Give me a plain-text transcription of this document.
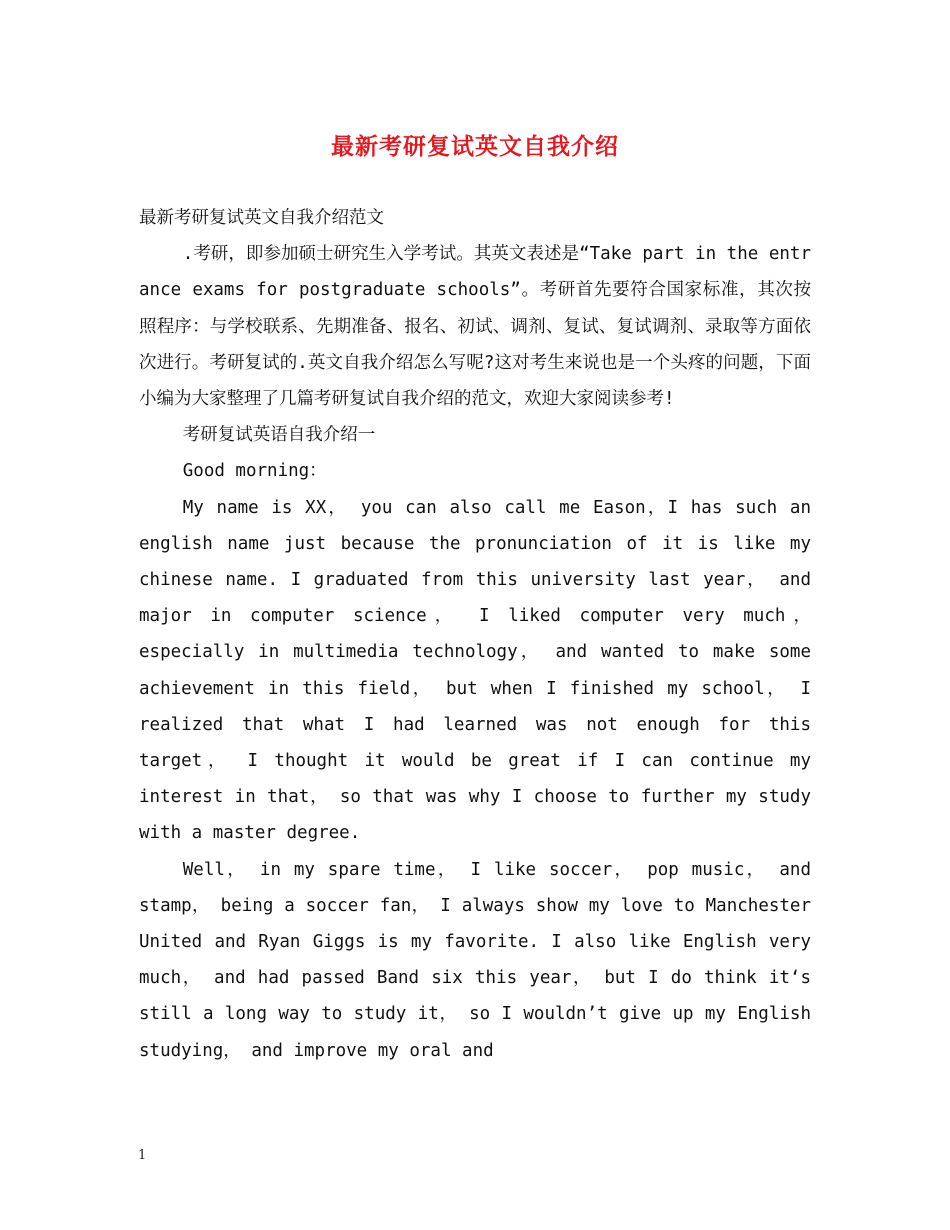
最新考研复试英文自我介绍

最新考研复试英文自我介绍范文

.考研，即参加硕士研究生入学考试。其英文表述是“Take part in the entrance exams for postgraduate schools”。考研首先要符合国家标准，其次按照程序：与学校联系、先期准备、报名、初试、调剂、复试、复试调剂、录取等方面依次进行。考研复试的.英文自我介绍怎么写呢?这对考生来说也是一个头疼的问题，下面小编为大家整理了几篇考研复试自我介绍的范文，欢迎大家阅读参考!

考研复试英语自我介绍一

Good morning：

My name is XX， you can also call me Eason，I has such an english name just because the pronunciation of it is like my chinese name. I graduated from this university last year， and major in computer science， I liked computer very much， especially in multimedia technology， and wanted to make some achievement in this field， but when I finished my school， I realized that what I had learned was not enough for this target， I thought it would be great if I can continue my interest in that， so that was why I choose to further my study with a master degree.

Well， in my spare time， I like soccer， pop music， and stamp， being a soccer fan， I always show my love to Manchester United and Ryan Giggs is my favorite. I also like English very much， and had passed Band six this year， but I do think it‘s still a long way to study it， so I wouldn’t give up my English studying， and improve my oral and

1
